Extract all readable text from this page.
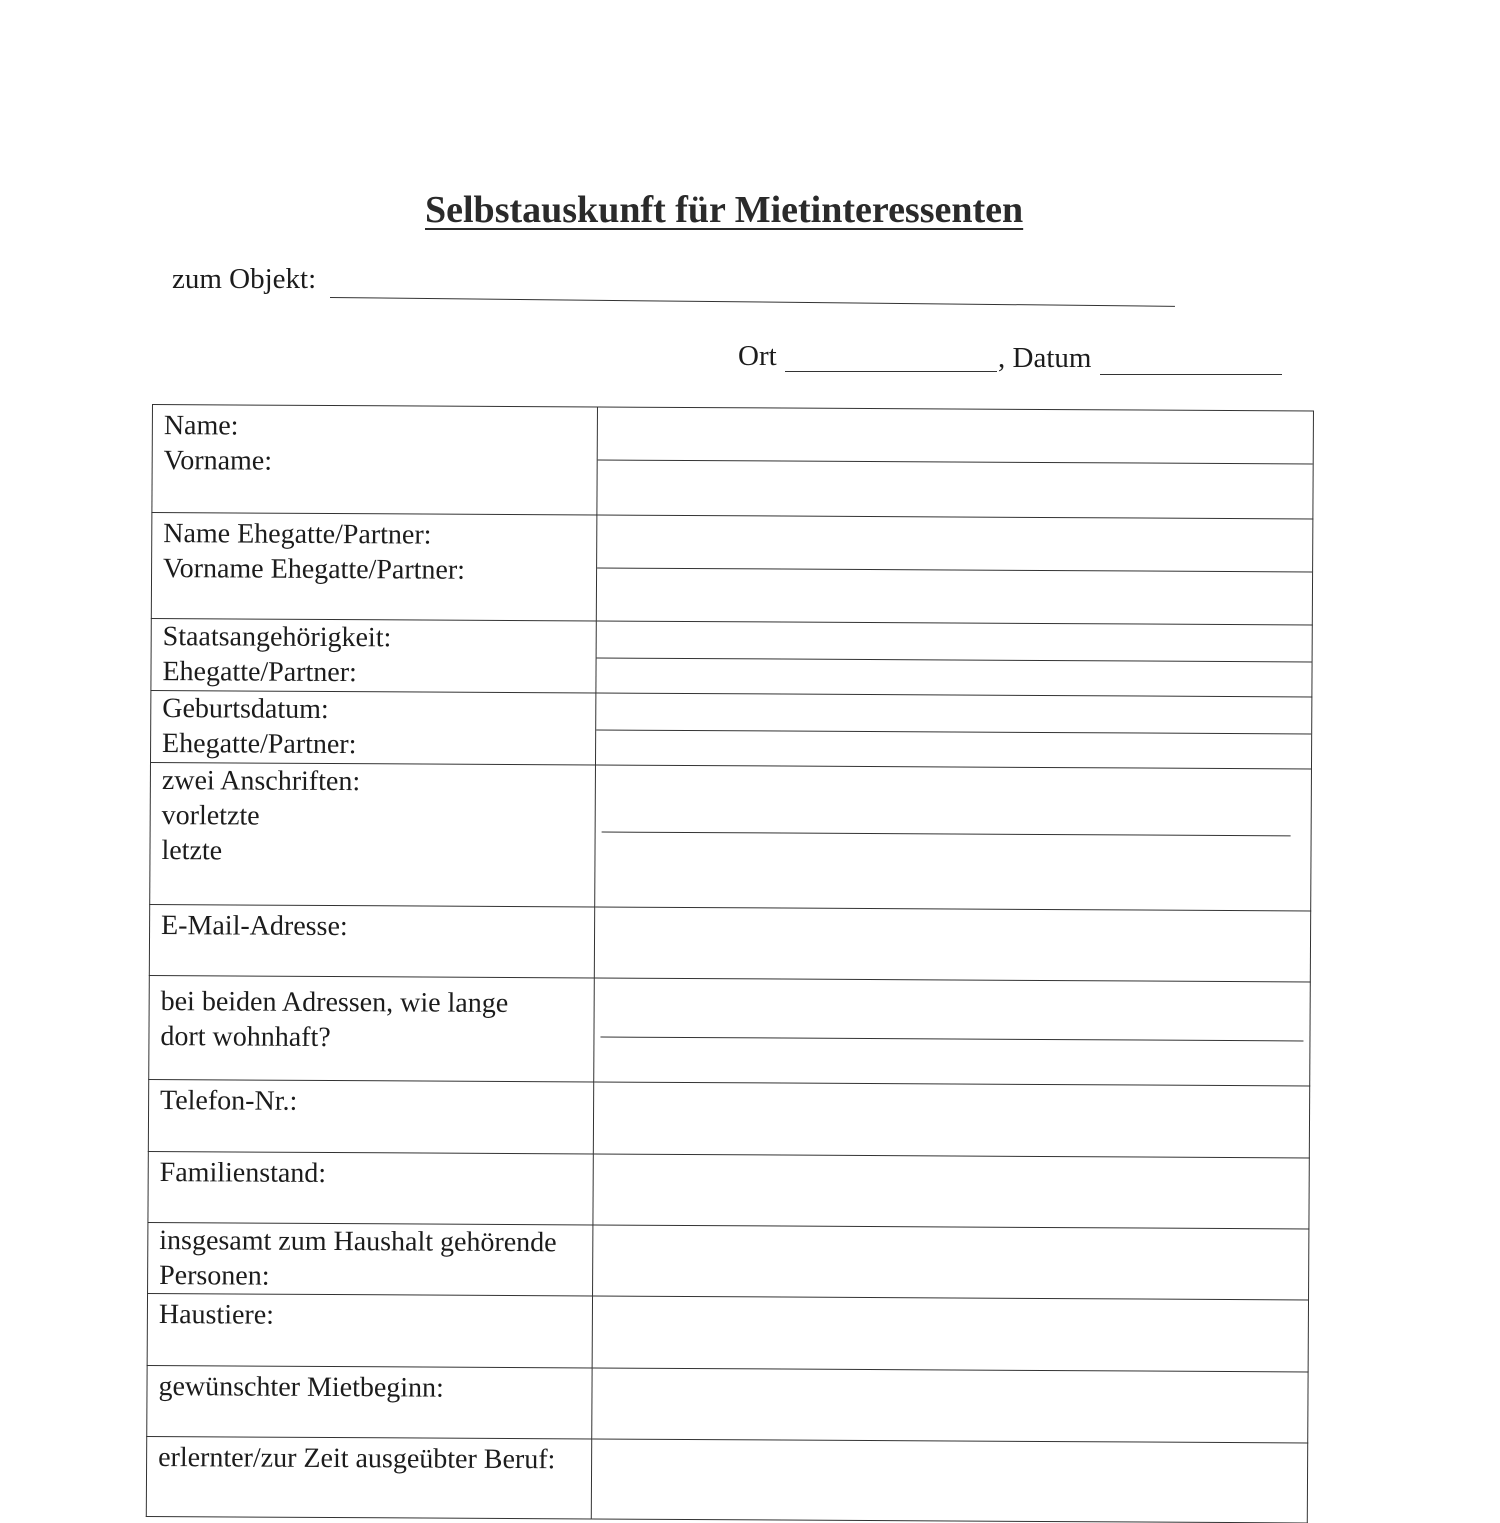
Selbstauskunft für Mietinteressenten
zum Objekt:
Ort	, Datum
Name:
Vorname:	

Name Ehegatte/Partner:
Vorname Ehegatte/Partner:	

Staatsangehörigkeit:
Ehegatte/Partner:	

Geburtsdatum:
Ehegatte/Partner:	

zwei Anschriften:
vorletzte
letzte	

E-Mail-Adresse:	

bei beiden Adressen, wie lange
dort wohnhaft?	

Telefon-Nr.:	

Familienstand:	

insgesamt zum Haushalt gehörende
Personen:	

Haustiere:	

gewünschter Mietbeginn:	

erlernter/zur Zeit ausgeübter Beruf:	
